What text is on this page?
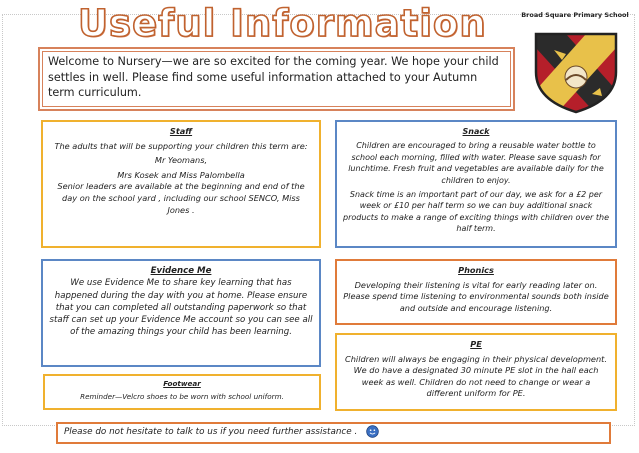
Useful Information	Broad Square Primary School

Welcome to Nursery—we are so excited for the coming year. We hope your child settles in well. Please find some useful information attached to your Autumn term curriculum.

Staff

The adults that will be supporting your children this term are:

Mr Yeomans,

Mrs Kosek and Miss Palombella

Senior leaders are available at the beginning and end of the day on the school yard , including our school SENCO, Miss Jones .

Snack

Children are encouraged to bring a reusable water bottle to school each morning, filled with water. Please save squash for lunchtime. Fresh fruit and vegetables are available daily for the children to enjoy.

Snack time is an important part of our day, we ask for a £2 per week or £10 per half term so we can buy additional snack products to make a range of exciting things with children over the half term.

Evidence Me

We use Evidence Me to share key learning that has happened during the day with you at home. Please ensure that you can completed all outstanding paperwork so that staff can set up your Evidence Me account so you can see all of the amazing things your child has been learning.

Phonics

Developing their listening is vital for early reading later on. Please spend time listening to environmental sounds both inside and outside and encourage listening.

PE

Children will always be engaging in their physical development. We do have a designated 30 minute PE slot in the hall each week as well. Children do not need to change or wear a different uniform for PE.

Footwear

Reminder—Velcro shoes to be worn with school uniform.

Please do not hesitate to talk to us if you need further assistance .
